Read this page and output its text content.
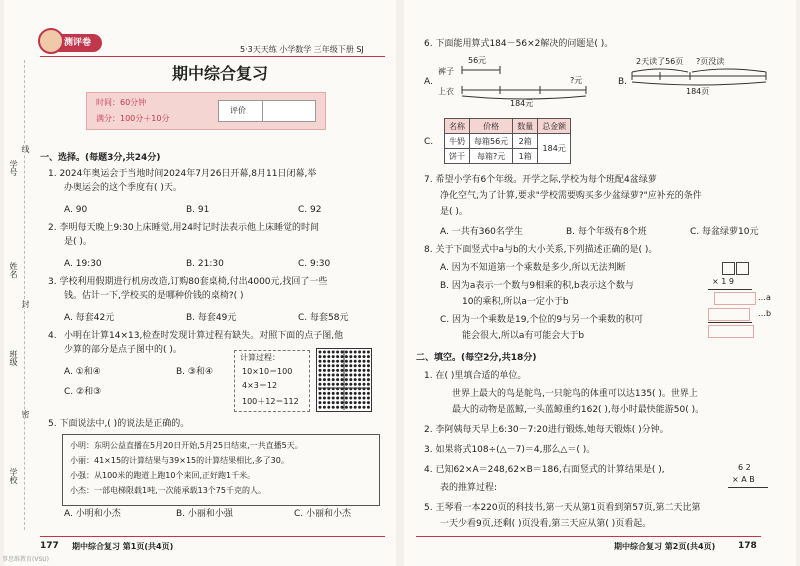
测评卷
5·3天天练 小学数学 三年级下册 SJ
期中综合复习
时间：60分钟
满分：100分＋10分
评价
学号
线
姓名
封
班级
密
学校
一、选择。(每题3分,共24分)
1. 2024年奥运会于当地时间2024年7月26日开幕,8月11日闭幕,举
办奥运会的这个季度有( )天。
A. 90	B. 91	C. 92
2. 李明每天晚上9:30上床睡觉,用24时记时法表示他上床睡觉的时间
是( )。
A. 19:30	B. 21:30	C. 9:30
3. 学校利用假期进行机房改造,订购80套桌椅,付出4000元,找回了一些
钱。估计一下,学校买的是哪种价钱的桌椅?( )
A. 每套42元	B. 每套49元	C. 每套58元
4. 小明在计算14×13,检查时发现计算过程有缺失。对照下面的点子图,他
少算的部分是点子图中的( )。
A. ①和④	B. ③和④
C. ②和③
计算过程：
10×10＝100
4×3＝12
100＋12＝112
5. 下面说法中,( )的说法是正确的。
小明：东明公益直播在5月20日开始,5月25日结束,一共直播5天。
小丽：41×15的计算结果与39×15的计算结果相比,多了30。
小强：从100米的跑道上跑10个来回,正好跑1千米。
小杰：一部电梯限载1吨,一次能承载13个75千克的人。
A. 小明和小杰	B. 小丽和小强	C. 小丽和小杰
177 期中综合复习 第1页(共4页)
事思维教育(VSU)
6. 下面能用算式184－56×2解决的问题是( )。
A.
裤子
上衣
56元
?元
184元
B.
2天读了56页 ?页没读
184页
C.
名称	价格	数量	总金额
牛奶	每箱56元	2箱	184元
饼干	每箱?元	1箱	
7. 希望小学有6个年级。开学之际,学校为每个班配4盆绿萝
净化空气,为了计算,要求"学校需要购买多少盆绿萝?"应补充的条件
是( )。
A. 一共有360名学生	B. 每个年级有8个班	C. 每盆绿萝10元
8. 关于下面竖式中a与b的大小关系,下列描述正确的是( )。
A. 因为不知道第一个乘数是多少,所以无法判断
B. 因为a表示一个数与9相乘的积,b表示这个数与
10的乘积,所以a一定小于b
C. 因为一个乘数是19,个位的9与另一个乘数的积可
能会很大,所以a有可能会大于b
× 1 9
…a
…b
二、填空。(每空2分,共18分)
1. 在( )里填合适的单位。
世界上最大的鸟是鸵鸟,一只鸵鸟的体重可以达135( )。世界上
最大的动物是蓝鲸,一头蓝鲸重约162( ),每小时最快能游50( )。
2. 李阿姨每天早上6:30－7:20进行锻炼,她每天锻炼( )分钟。
3. 如果将式108÷(△－7)＝4,那么△＝( )。
4. 已知62×A＝248,62×B＝186,右面竖式的计算结果是( ),
表的推算过程:
6 2
× A B
5. 王琴看一本220页的科技书,第一天从第1页看到第57页,第二天比第
一天少看9页,还剩( )页没看,第三天应从第( )页看起。
期中综合复习 第2页(共4页)	178
